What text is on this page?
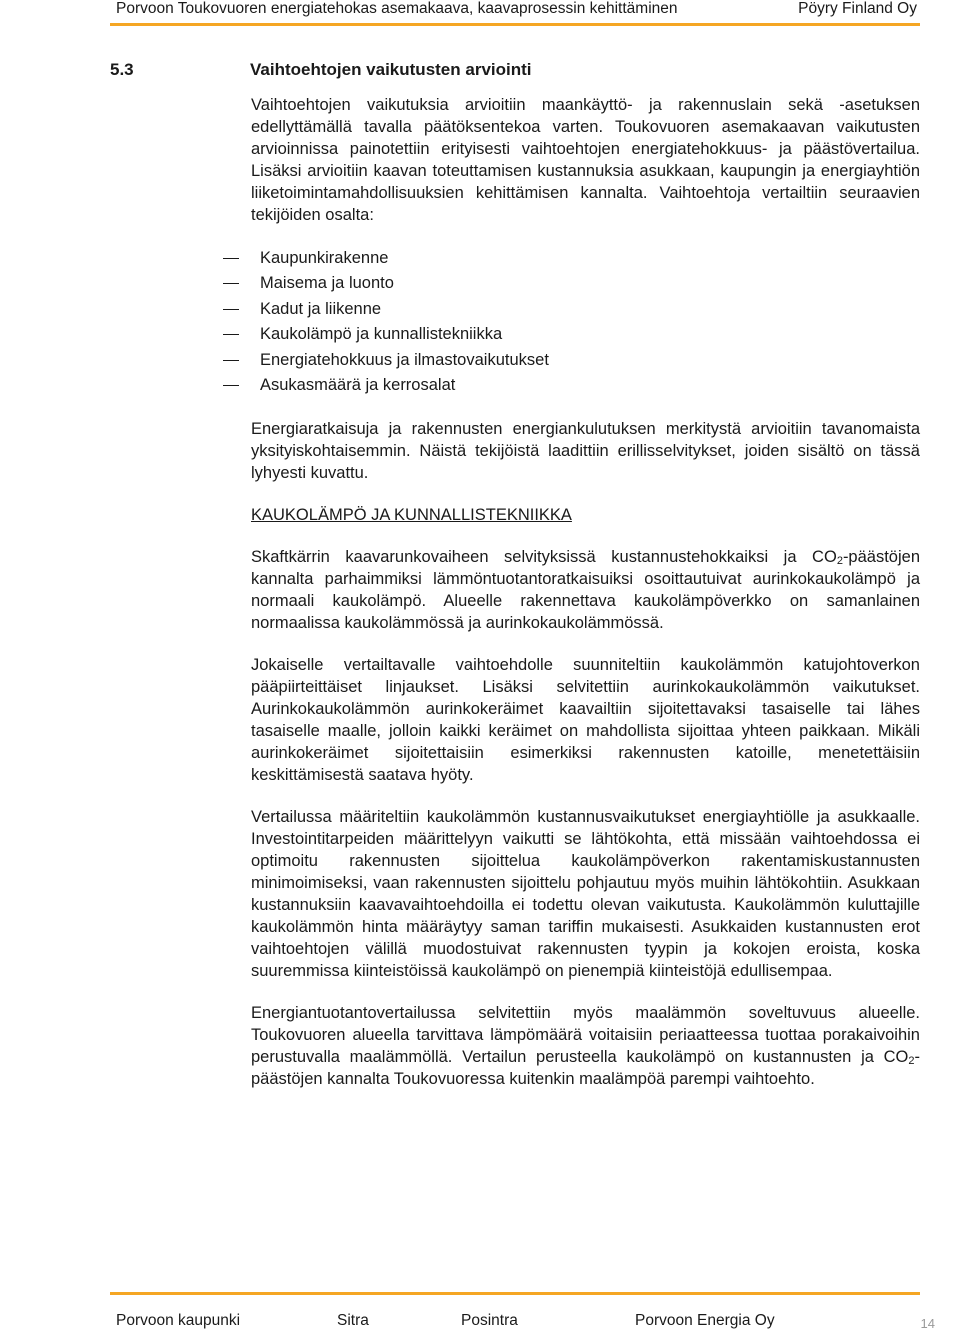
Porvoon Toukovuoren energiatehokas asemakaava, kaavaprosessin kehittäminen	Pöyry Finland Oy
5.3	Vaihtoehtojen vaikutusten arviointi

Vaihtoehtojen vaikutuksia arvioitiin maankäyttö- ja rakennuslain sekä -asetuksen edellyttämällä tavalla päätöksentekoa varten. Toukovuoren asemakaavan vaikutusten arvioinnissa painotettiin erityisesti vaihtoehtojen energiatehokkuus- ja päästövertailua. Lisäksi arvioitiin kaavan toteuttamisen kustannuksia asukkaan, kaupungin ja energiayhtiön liiketoimintamahdollisuuksien kehittämisen kannalta. Vaihtoehtoja vertailtiin seuraavien tekijöiden osalta:

Kaupunkirakenne
Maisema ja luonto
Kadut ja liikenne
Kaukolämpö ja kunnallistekniikka
Energiatehokkuus ja ilmastovaikutukset
Asukasmäärä ja kerrosalat

Energiaratkaisuja ja rakennusten energiankulutuksen merkitystä arvioitiin tavanomaista yksityiskohtaisemmin. Näistä tekijöistä laadittiin erillisselvitykset, joiden sisältö on tässä lyhyesti kuvattu.

KAUKOLÄMPÖ JA KUNNALLISTEKNIIKKA

Skaftkärrin kaavarunkovaiheen selvityksissä kustannustehokkaiksi ja $CO_2$-päästöjen kannalta parhaimmiksi lämmöntuotantoratkaisuiksi osoittautuivat aurinkokaukolämpö ja normaali kaukolämpö. Alueelle rakennettava kaukolämpöverkko on samanlainen normaalissa kaukolämmössä ja aurinkokaukolämmössä.

Jokaiselle vertailtavalle vaihtoehdolle suunniteltiin kaukolämmön katujohtoverkon pääpiirteittäiset linjaukset. Lisäksi selvitettiin aurinkokaukolämmön vaikutukset. Aurinkokaukolämmön aurinkokeräimet kaavailtiin sijoitettavaksi tasaiselle tai lähes tasaiselle maalle, jolloin kaikki keräimet on mahdollista sijoittaa yhteen paikkaan. Mikäli aurinkokeräimet sijoitettaisiin esimerkiksi rakennusten katoille, menetettäisiin keskittämisestä saatava hyöty.

Vertailussa määriteltiin kaukolämmön kustannusvaikutukset energiayhtiölle ja asukkaalle. Investointitarpeiden määrittelyyn vaikutti se lähtökohta, että missään vaihtoehdossa ei optimoitu rakennusten sijoittelua kaukolämpöverkon rakentamiskustannusten minimoimiseksi, vaan rakennusten sijoittelu pohjautuu myös muihin lähtökohtiin. Asukkaan kustannuksiin kaavavaihtoehdoilla ei todettu olevan vaikutusta. Kaukolämmön kuluttajille kaukolämmön hinta määräytyy saman tariffin mukaisesti. Asukkaiden kustannusten erot vaihtoehtojen välillä muodostuivat rakennusten tyypin ja kokojen eroista, koska suuremmissa kiinteistöissä kaukolämpö on pienempiä kiinteistöjä edullisempaa.

Energiantuotantovertailussa selvitettiin myös maalämmön soveltuvuus alueelle. Toukovuoren alueella tarvittava lämpömäärä voitaisiin periaatteessa tuottaa porakaivoihin perustuvalla maalämmöllä. Vertailun perusteella kaukolämpö on kustannusten ja $CO_2$-päästöjen kannalta Toukovuoressa kuitenkin maalämpöä parempi vaihtoehto.

Porvoon kaupunki	Sitra	Posintra	Porvoon Energia Oy	14
